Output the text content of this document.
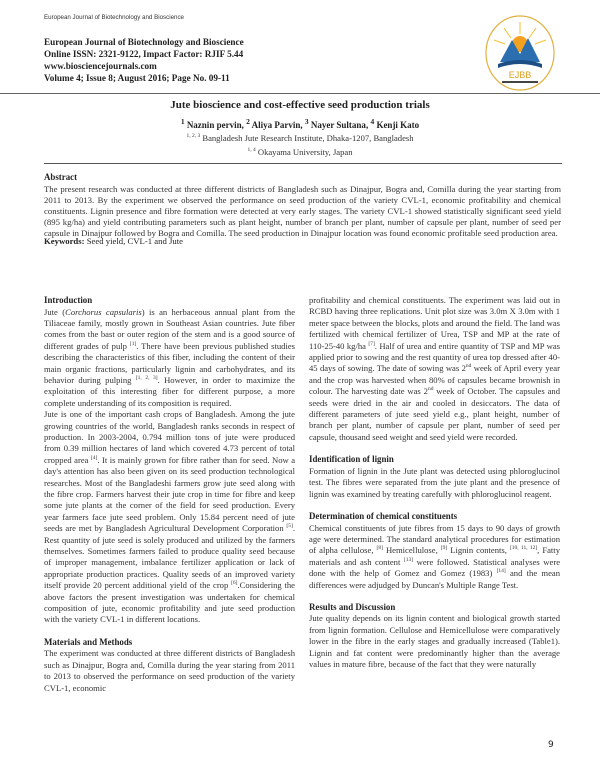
European Journal of Biotechnology and Bioscience
European Journal of Biotechnology and Bioscience
Online ISSN: 2321-9122, Impact Factor: RJIF 5.44
www.biosciencejournals.com
Volume 4; Issue 8; August 2016; Page No. 09-11	EJBB
Jute bioscience and cost-effective seed production trials
$^1$ Naznin pervin, $^2$ Aliya Parvin, $^3$ Nayer Sultana, $^4$ Kenji Kato
$^{1, 2, 3}$ Bangladesh Jute Research Institute, Dhaka-1207, Bangladesh
$^{1, 4}$ Okayama University, Japan
Abstract

The present research was conducted at three different districts of Bangladesh such as Dinajpur, Bogra and, Comilla during the year starting from 2011 to 2013. By the experiment we observed the performance on seed production of the variety CVL-1, economic profitability and chemical constituents. Lignin presence and fibre formation were detected at very early stages. The variety CVL-1 showed statistically significant seed yield (895 kg/ha) and yield contributing parameters such as plant height, number of branch per plant, number of capsule per plant, number of seed per capsule in Dinajpur followed by Bogra and Comilla. The seed production in Dinajpur location was found economic profitable seed production area.

Keywords: Seed yield, CVL-1 and Jute
Introduction

Jute (Corchorus capsularis) is an herbaceous annual plant from the Tiliaceae family, mostly grown in Southeast Asian countries. Jute fiber comes from the bast or outer region of the stem and is a good source of different grades of pulp [1]. There have been previous published studies describing the characteristics of this fiber, including the content of their main organic fractions, particularly lignin and carbohydrates, and its behavior during pulping [1, 2, 3]. However, in order to maximize the exploitation of this interesting fiber for different purpose, a more complete understanding of its composition is required.

Jute is one of the important cash crops of Bangladesh. Among the jute growing countries of the world, Bangladesh ranks seconds in respect of production. In 2003-2004, 0.794 million tons of jute were produced from 0.39 million hectares of land which covered 4.73 percent of total cropped area [4]. It is mainly grown for fibre rather than for seed. Now a day's attention has also been given on its seed production technological researches. Most of the Bangladeshi farmers grow jute seed along with the fibre crop. Farmers harvest their jute crop in time for fibre and keep some jute plants at the corner of the field for seed production. Every year farmers face jute seed problem. Only 15.84 percent need of jute seeds are met by Bangladesh Agricultural Development Corporation [5]. Rest quantity of jute seed is solely produced and utilized by the farmers themselves. Sometimes farmers failed to produce quality seed because of improper management, imbalance fertilizer application or lack of appropriate production practices. Quality seeds of an improved variety itself provide 20 percent additional yield of the crop [6].Considering the above factors the present investigation was undertaken for chemical composition of jute, economic profitability and jute seed production with the variety CVL-1 in different locations.

Materials and Methods

The experiment was conducted at three different districts of Bangladesh such as Dinajpur, Bogra and, Comilla during the year staring from 2011 to 2013 to observed the performance on seed production of the variety CVL-1, economic

profitability and chemical constituents. The experiment was laid out in RCBD having three replications. Unit plot size was 3.0m X 3.0m with 1 meter space between the blocks, plots and around the field. The land was fertilized with chemical fertilizer of Urea, TSP and MP at the rate of 110-25-40 kg/ha [7]. Half of urea and entire quantity of TSP and MP was applied prior to sowing and the rest quantity of urea top dressed after 40-45 days of sowing. The date of sowing was 2nd week of April every year and the crop was harvested when 80% of capsules became brownish in colour. The harvesting date was 2nd week of October. The capsules and seeds were dried in the air and cooled in desiccators. The data of different parameters of jute seed yield e.g., plant height, number of branch per plant, number of capsule per plant, number of seed per capsule, thousand seed weight and seed yield were recorded.

Identification of lignin

Formation of lignin in the Jute plant was detected using phloroglucinol test. The fibres were separated from the jute plant and the presence of lignin was examined by treating carefully with phloroglucinol reagent.

Determination of chemical constituents

Chemical constituents of jute fibres from 15 days to 90 days of growth age were determined. The standard analytical procedures for estimation of alpha cellulose, [8] Hemicellulose, [9] Lignin contents, [10, 11, 12], Fatty materials and ash content [13] were followed. Statistical analyses were done with the help of Gomez and Gomez (1983) [14] and the mean differences were adjudged by Duncan's Multiple Range Test.

Results and Discussion

Jute quality depends on its lignin content and biological growth started from lignin formation. Cellulose and Hemicellulose were comparatively lower in the fibre in the early stages and gradually increased (Table1). Lignin and fat content were predominantly higher than the average values in mature fibre, because of the fact that they were naturally

9
